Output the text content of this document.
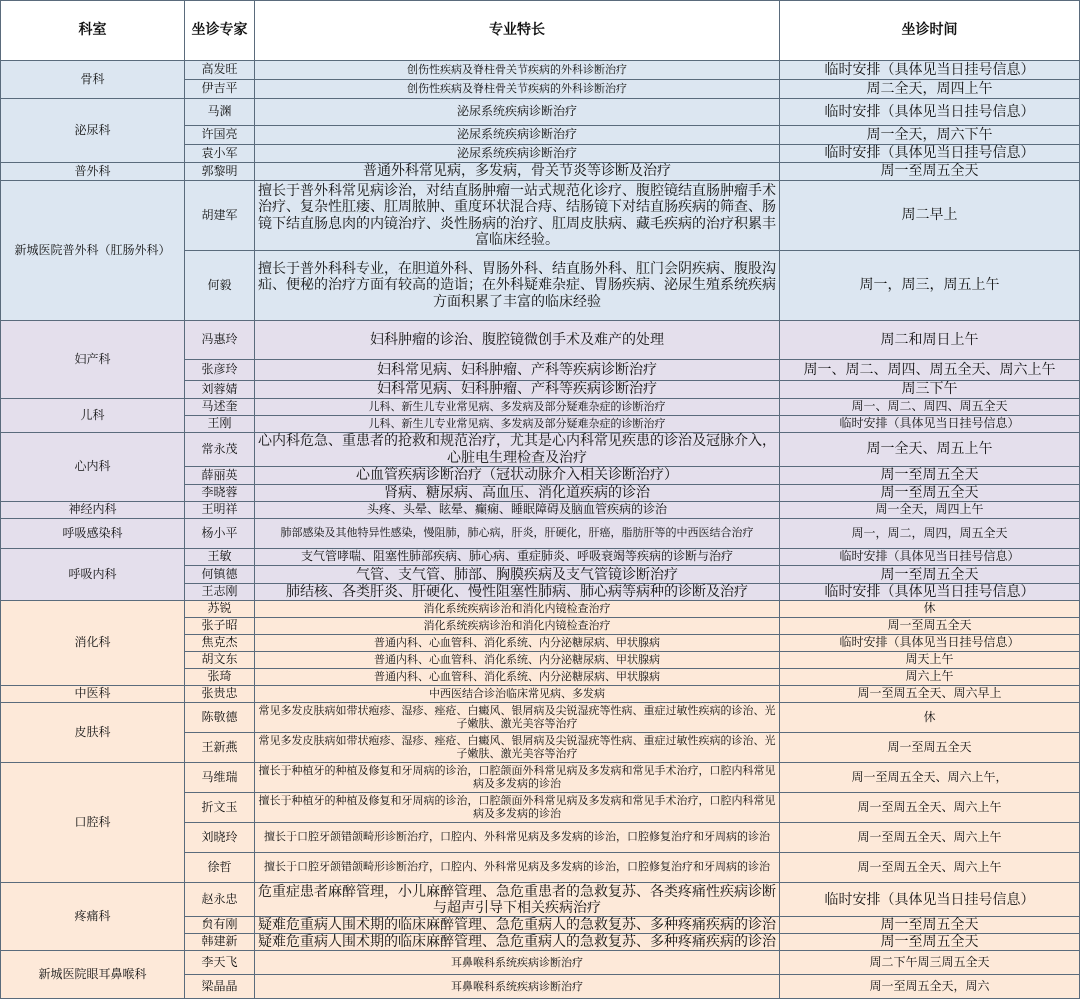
科室	坐诊专家	专业特长	坐诊时间
骨科	高发旺	创伤性疾病及脊柱骨关节疾病的外科诊断治疗	临时安排（具体见当日挂号信息）
	伊吉平	创伤性疾病及脊柱骨关节疾病的外科诊断治疗	周二全天，周四上午
泌尿科	马渊	泌尿系统疾病诊断治疗	临时安排（具体见当日挂号信息）
	许国亮	泌尿系统疾病诊断治疗	周一全天，周六下午
	袁小军	泌尿系统疾病诊断治疗	临时安排（具体见当日挂号信息）
普外科	郭黎明	普通外科常见病，多发病，骨关节炎等诊断及治疗	周一至周五全天
新城医院普外科（肛肠外科）	胡建军	擅长于普外科常见病诊治，对结直肠肿瘤一站式规范化诊疗、腹腔镜结直肠肿瘤手术治疗、复杂性肛瘘、肛周脓肿、重度环状混合痔、结肠镜下对结直肠疾病的筛查、肠镜下结直肠息肉的内镜治疗、炎性肠病的治疗、肛周皮肤病、藏毛疾病的治疗积累丰富临床经验。	周二早上
	何毅	擅长于普外科科专业，在胆道外科、胃肠外科、结直肠外科、肛门会阴疾病、腹股沟疝、便秘的治疗方面有较高的造诣；在外科疑难杂症、胃肠疾病、泌尿生殖系统疾病方面积累了丰富的临床经验	周一，周三，周五上午
妇产科	冯惠玲	妇科肿瘤的诊治、腹腔镜微创手术及难产的处理	周二和周日上午
	张彦玲	妇科常见病、妇科肿瘤、产科等疾病诊断治疗	周一、周二、周四、周五全天、周六上午
	刘蓉婧	妇科常见病、妇科肿瘤、产科等疾病诊断治疗	周三下午
儿科	马述奎	儿科、新生儿专业常见病、多发病及部分疑难杂症的诊断治疗	周一、周二、周四、周五全天
	王刚	儿科、新生儿专业常见病、多发病及部分疑难杂症的诊断治疗	临时安排（具体见当日挂号信息）
心内科	常永茂	心内科危急、重患者的抢救和规范治疗，尤其是心内科常见疾患的诊治及冠脉介入，心脏电生理检查及治疗	周一全天、周五上午
	薛丽英	心血管疾病诊断治疗（冠状动脉介入相关诊断治疗）	周一至周五全天
	李晓蓉	肾病、糖尿病、高血压、消化道疾病的诊治	周一至周五全天
神经内科	王明祥	头疼、头晕、眩晕、癫痫、睡眠障碍及脑血管疾病的诊治	周一全天，周四上午
呼吸感染科	杨小平	肺部感染及其他特异性感染，慢阻肺，肺心病，肝炎，肝硬化，肝癌，脂肪肝等的中西医结合治疗	周一，周二，周四，周五全天
呼吸内科	王敏	支气管哮喘、阻塞性肺部疾病、肺心病、重症肺炎、呼吸衰竭等疾病的诊断与治疗	临时安排（具体见当日挂号信息）
	何镇德	气管、支气管、肺部、胸膜疾病及支气管镜诊断治疗	周一至周五全天
	王志刚	肺结核、各类肝炎、肝硬化、慢性阻塞性肺病、肺心病等病种的诊断及治疗	临时安排（具体见当日挂号信息）
消化科	苏锐	消化系统疾病诊治和消化内镜检查治疗	休
	张子昭	消化系统疾病诊治和消化内镜检查治疗	周一至周五全天
	焦克杰	普通内科、心血管科、消化系统、内分泌糖尿病、甲状腺病	临时安排（具体见当日挂号信息）
	胡文东	普通内科、心血管科、消化系统、内分泌糖尿病、甲状腺病	周天上午
	张琦	普通内科、心血管科、消化系统、内分泌糖尿病、甲状腺病	周六上午
中医科	张贵忠	中西医结合诊治临床常见病、多发病	周一至周五全天、周六早上
皮肤科	陈敬德	常见多发皮肤病如带状疱疹、湿疹、痤疮、白癜风、银屑病及尖锐湿疣等性病、重症过敏性疾病的诊治、光子嫩肤、激光美容等治疗	休
	王新燕	常见多发皮肤病如带状疱疹、湿疹、痤疮、白癜风、银屑病及尖锐湿疣等性病、重症过敏性疾病的诊治、光子嫩肤、激光美容等治疗	周一至周五全天
口腔科	马维瑞	擅长于种植牙的种植及修复和牙周病的诊治，口腔颌面外科常见病及多发病和常见手术治疗，口腔内科常见病及多发病的诊治	周一至周五全天、周六上午，
	折文玉	擅长于种植牙的种植及修复和牙周病的诊治，口腔颌面外科常见病及多发病和常见手术治疗，口腔内科常见病及多发病的诊治	周一至周五全天、周六上午
	刘晓玲	擅长于口腔牙颌错颌畸形诊断治疗，口腔内、外科常见病及多发病的诊治，口腔修复治疗和牙周病的诊治	周一至周五全天、周六上午
	徐哲	擅长于口腔牙颌错颌畸形诊断治疗，口腔内、外科常见病及多发病的诊治，口腔修复治疗和牙周病的诊治	周一至周五全天、周六上午
疼痛科	赵永忠	危重症患者麻醉管理，小儿麻醉管理、急危重患者的急救复苏、各类疼痛性疾病诊断与超声引导下相关疾病治疗	临时安排（具体见当日挂号信息）
	贠有刚	疑难危重病人围术期的临床麻醉管理、急危重病人的急救复苏、多种疼痛疾病的诊治	周一至周五全天
	韩建新	疑难危重病人围术期的临床麻醉管理、急危重病人的急救复苏、多种疼痛疾病的诊治	周一至周五全天
新城医院眼耳鼻喉科	李天飞	耳鼻喉科系统疾病诊断治疗	周二下午周三周五全天
	梁晶晶	耳鼻喉科系统疾病诊断治疗	周一至周五全天，周六
